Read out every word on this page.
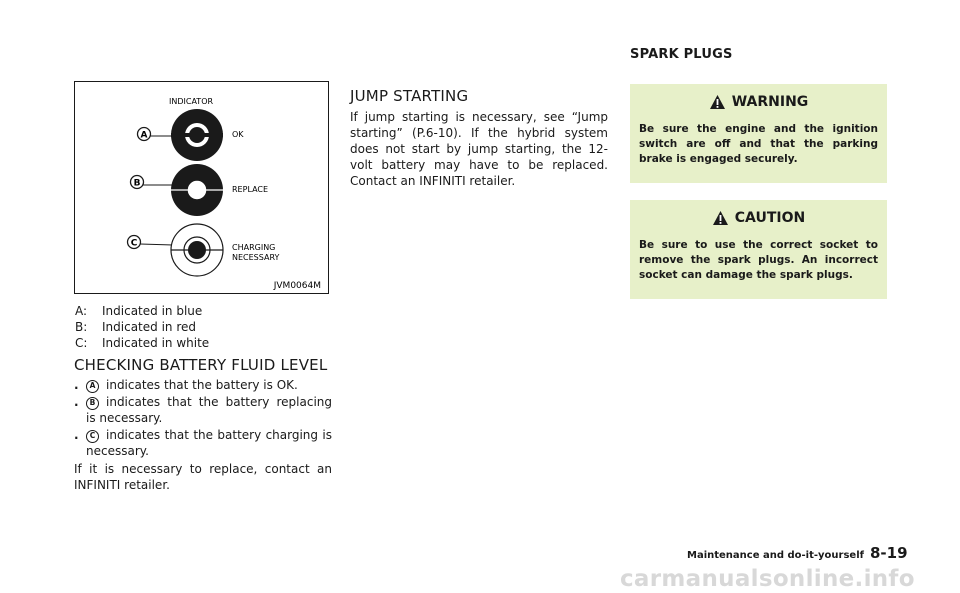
SPARK PLUGS
INDICATOR
A	OK
B
REPLACE
C	CHARGING
NECESSARY
JVM0064M
A:	Indicated in blue
B:	Indicated in red
C:	Indicated in white
CHECKING BATTERY FLUID LEVEL
.	A indicates that the battery is OK.
.	B indicates that the battery replacing is necessary.
.	C indicates that the battery charging is necessary.
If it is necessary to replace, contact an INFINITI retailer.
JUMP STARTING
If jump starting is necessary, see “Jump starting” (P.6-10). If the hybrid system does not start by jump starting, the 12-volt battery may have to be replaced. Contact an INFINITI retailer.
WARNING
Be sure the engine and the ignition switch are off and that the parking brake is engaged securely.
CAUTION
Be sure to use the correct socket to remove the spark plugs. An incorrect socket can damage the spark plugs.
Maintenance and do-it-yourself 8-19
carmanualsonline.info
